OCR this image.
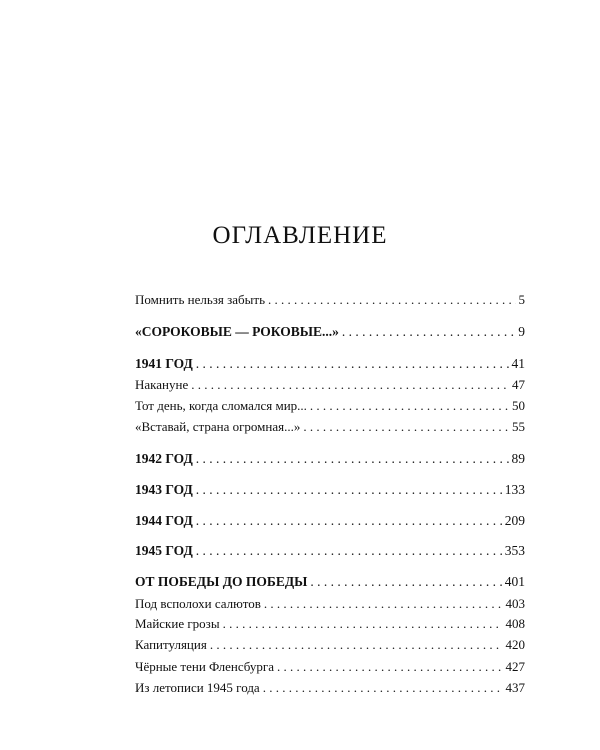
ОГЛАВЛЕНИЕ
Помнить нельзя забыть . . .	5
«СОРОКОВЫЕ — РОКОВЫЕ...» . . .	9
1941 ГОД . . .	41
Накануне . . .	47
Тот день, когда сломался мир... . . .	50
«Вставай, страна огромная...» . . .	55
1942 ГОД . . .	89
1943 ГОД . . .	133
1944 ГОД . . .	209
1945 ГОД . . .	353
ОТ ПОБЕДЫ ДО ПОБЕДЫ . . .	401
Под всполохи салютов . . .	403
Майские грозы . . .	408
Капитуляция . . .	420
Чёрные тени Фленсбурга . . .	427
Из летописи 1945 года . . .	437
